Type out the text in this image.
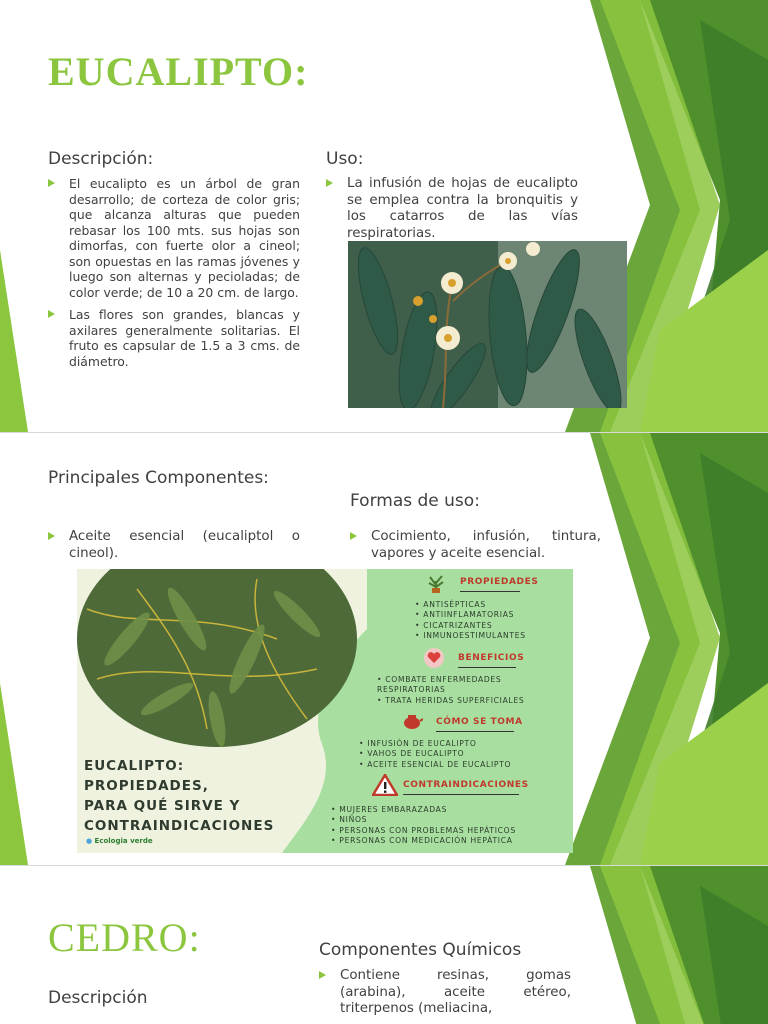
EUCALIPTO:

Descripción:

El eucalipto es un árbol de gran desarrollo; de corteza de color gris; que alcanza alturas que pueden rebasar los 100 mts. sus hojas son dimorfas, con fuerte olor a cineol; son opuestas en las ramas jóvenes y luego son alternas y pecioladas; de color verde; de 10 a 20 cm. de largo.
Las flores son grandes, blancas y axilares generalmente solitarias. El fruto es capsular de 1.5 a 3 cms. de diámetro.

Uso:

La infusión de hojas de eucalipto se emplea contra la bronquitis y los catarros de las vías respiratorias.

Principales Componentes:

Aceite esencial (eucaliptol o cineol).

Formas de uso:

Cocimiento, infusión, tintura, vapores y aceite esencial.
EUCALIPTO:
PROPIEDADES,
PARA QUÉ SIRVE Y
CONTRAINDICACIONES
● Ecologia verde
PROPIEDADES
• ANTISÉPTICAS
• ANTIINFLAMATORIAS
• CICATRIZANTES
• INMUNOESTIMULANTES
BENEFICIOS
• COMBATE ENFERMEDADES RESPIRATORIAS
• TRATA HERIDAS SUPERFICIALES
CÓMO SE TOMA
• INFUSIÓN DE EUCALIPTO
• VAHOS DE EUCALIPTO
• ACEITE ESENCIAL DE EUCALIPTO
CONTRAINDICACIONES
• MUJERES EMBARAZADAS
• NIÑOS
• PERSONAS CON PROBLEMAS HEPÁTICOS
• PERSONAS CON MEDICACIÓN HEPÁTICA
CEDRO:

Descripción

Componentes Químicos

Contiene resinas, gomas (arabina), aceite etéreo, triterpenos (meliacina,
